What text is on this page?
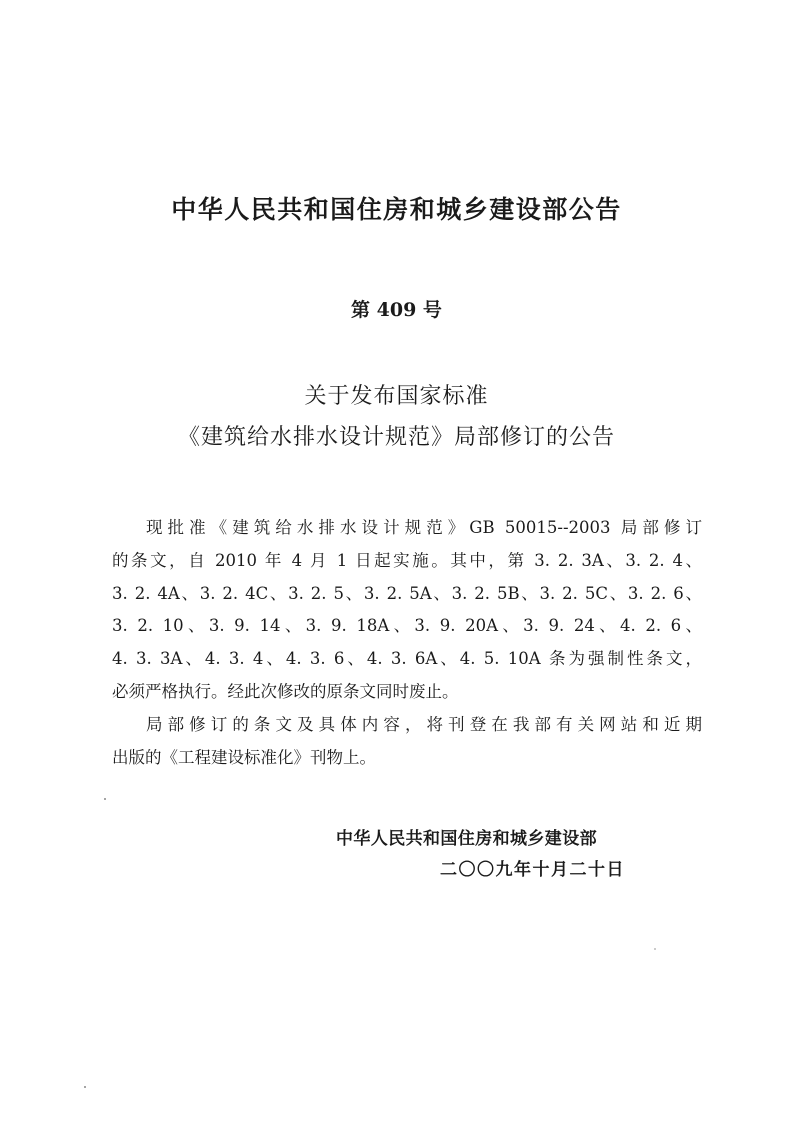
中华人民共和国住房和城乡建设部公告
第 409 号
关于发布国家标准
《建筑给水排水设计规范》局部修订的公告
现批准《建筑给水排水设计规范》GB 50015--2003 局部修订
的条文，自 2010 年 4 月 1 日起实施。其中，第 3. 2. 3A、3. 2. 4、
3. 2. 4A、3. 2. 4C、3. 2. 5、3. 2. 5A、3. 2. 5B、3. 2. 5C、3. 2. 6、
3. 2. 10、3. 9. 14、3. 9. 18A、3. 9. 20A、3. 9. 24、4. 2. 6、
4. 3. 3A、4. 3. 4、4. 3. 6、4. 3. 6A、4. 5. 10A 条为强制性条文，
必须严格执行。经此次修改的原条文同时废止。
局部修订的条文及具体内容，将刊登在我部有关网站和近期
出版的《工程建设标准化》刊物上。
中华人民共和国住房和城乡建设部
二〇〇九年十月二十日
